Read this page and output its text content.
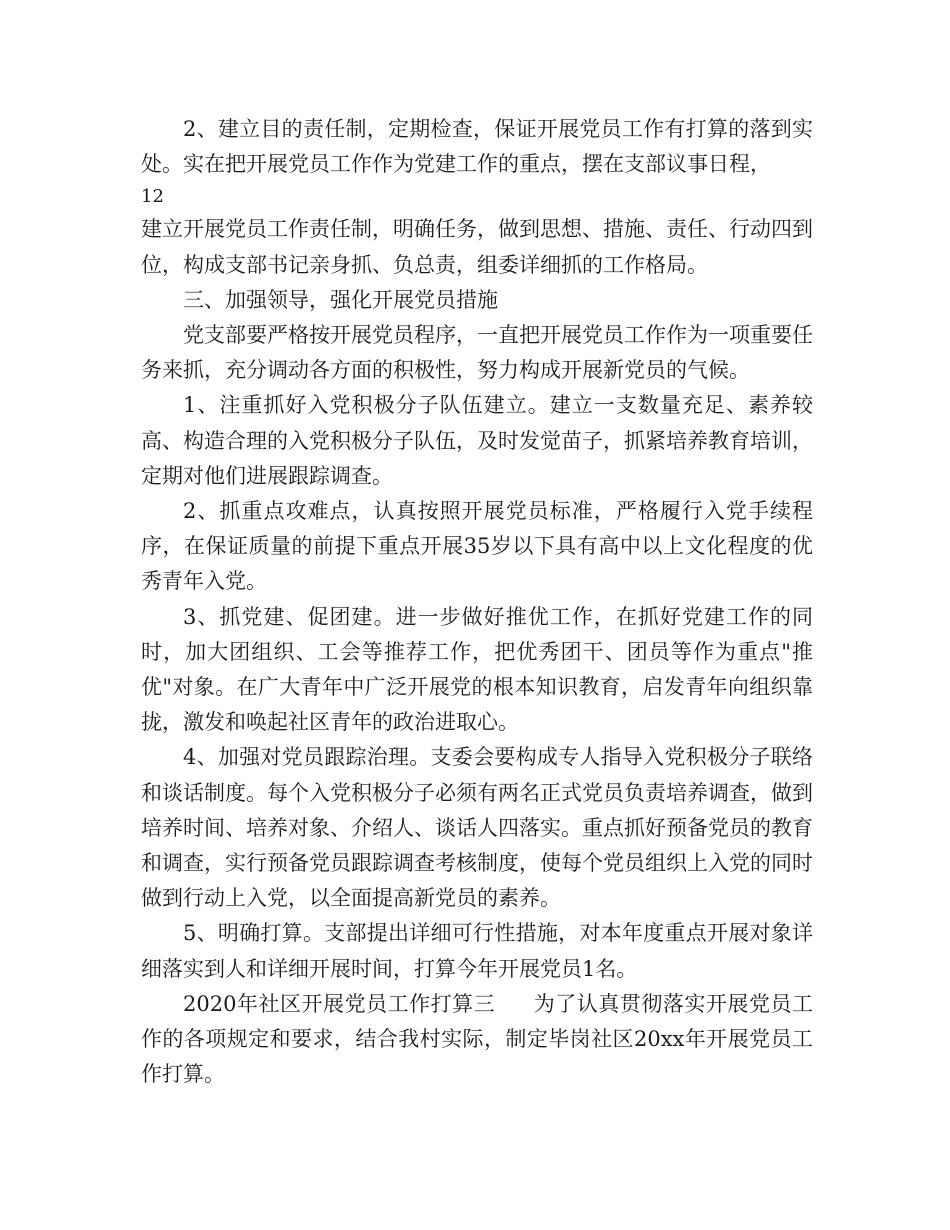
2、建立目的责任制，定期检查，保证开展党员工作有打算的落到实处。实在把开展党员工作作为党建工作的重点，摆在支部议事日程，

12

建立开展党员工作责任制，明确任务，做到思想、措施、责任、行动四到位，构成支部书记亲身抓、负总责，组委详细抓的工作格局。

三、加强领导，强化开展党员措施

党支部要严格按开展党员程序，一直把开展党员工作作为一项重要任务来抓，充分调动各方面的积极性，努力构成开展新党员的气候。

1、注重抓好入党积极分子队伍建立。建立一支数量充足、素养较高、构造合理的入党积极分子队伍，及时发觉苗子，抓紧培养教育培训，定期对他们进展跟踪调查。

2、抓重点攻难点，认真按照开展党员标准，严格履行入党手续程序，在保证质量的前提下重点开展35岁以下具有高中以上文化程度的优秀青年入党。

3、抓党建、促团建。进一步做好推优工作，在抓好党建工作的同时，加大团组织、工会等推荐工作，把优秀团干、团员等作为重点"推优"对象。在广大青年中广泛开展党的根本知识教育，启发青年向组织靠拢，激发和唤起社区青年的政治进取心。

4、加强对党员跟踪治理。支委会要构成专人指导入党积极分子联络和谈话制度。每个入党积极分子必须有两名正式党员负责培养调查，做到培养时间、培养对象、介绍人、谈话人四落实。重点抓好预备党员的教育和调查，实行预备党员跟踪调查考核制度，使每个党员组织上入党的同时做到行动上入党，以全面提高新党员的素养。

5、明确打算。支部提出详细可行性措施，对本年度重点开展对象详细落实到人和详细开展时间，打算今年开展党员1名。

2020年社区开展党员工作打算三 为了认真贯彻落实开展党员工作的各项规定和要求，结合我村实际，制定毕岗社区20xx年开展党员工作打算。
